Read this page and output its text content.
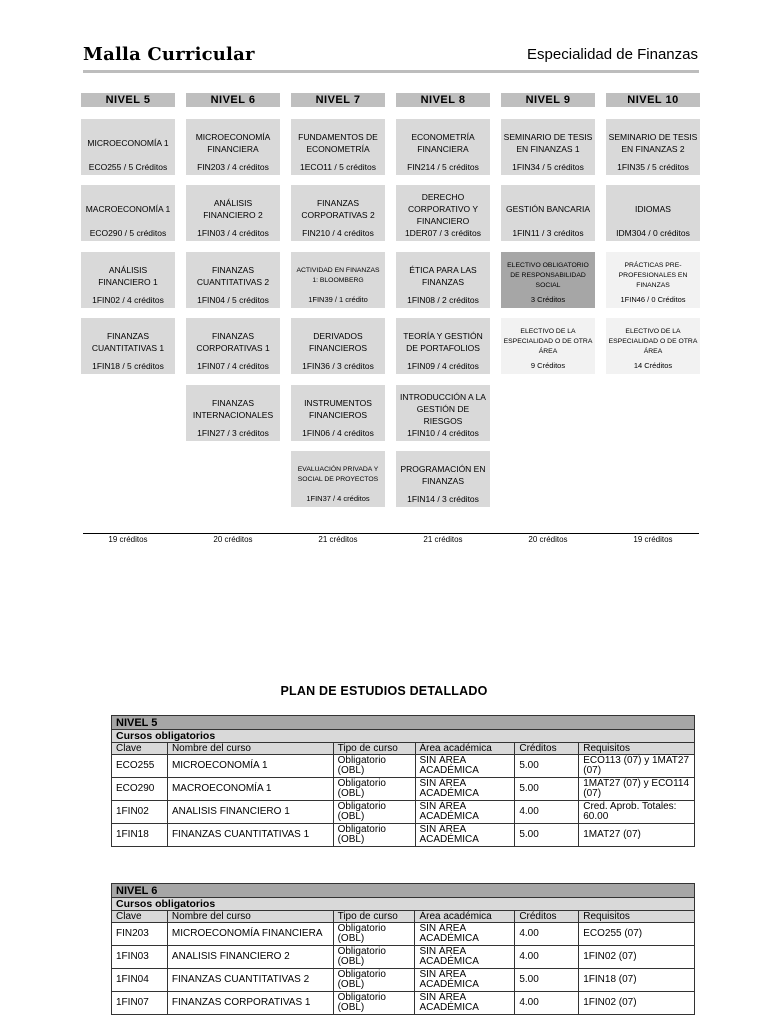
Malla Curricular	Especialidad de Finanzas
NIVEL 5
MICROECONOMÍA 1
ECO255 / 5 Créditos
MACROECONOMÍA 1
ECO290 / 5 créditos
ANÁLISIS FINANCIERO 1
1FIN02 / 4 créditos
FINANZAS CUANTITATIVAS 1
1FIN18 / 5 créditos
NIVEL 6
MICROECONOMÍA FINANCIERA
FIN203 / 4 créditos
ANÁLISIS FINANCIERO 2
1FIN03 / 4 créditos
FINANZAS CUANTITATIVAS 2
1FIN04 / 5 créditos
FINANZAS CORPORATIVAS 1
1FIN07 / 4 créditos
FINANZAS INTERNACIONALES
1FIN27 / 3 créditos
NIVEL 7
FUNDAMENTOS DE ECONOMETRÍA
1ECO11 / 5 créditos
FINANZAS CORPORATIVAS 2
FIN210 / 4 créditos
ACTIVIDAD EN FINANZAS 1: BLOOMBERG
1FIN39 / 1 crédito
DERIVADOS FINANCIEROS
1FIN36 / 3 créditos
INSTRUMENTOS FINANCIEROS
1FIN06 / 4 créditos
EVALUACIÓN PRIVADA Y SOCIAL DE PROYECTOS
1FIN37 / 4 créditos
NIVEL 8
ECONOMETRÍA FINANCIERA
FIN214 / 5 créditos
DERECHO CORPORATIVO Y FINANCIERO
1DER07 / 3 créditos
ÉTICA PARA LAS FINANZAS
1FIN08 / 2 créditos
TEORÍA Y GESTIÓN DE PORTAFOLIOS
1FIN09 / 4 créditos
INTRODUCCIÓN A LA GESTIÓN DE RIESGOS
1FIN10 / 4 créditos
PROGRAMACIÓN EN FINANZAS
1FIN14 / 3 créditos
NIVEL 9
SEMINARIO DE TESIS EN FINANZAS 1
1FIN34 / 5 créditos
GESTIÓN BANCARIA
1FIN11 / 3 créditos
ELECTIVO OBLIGATORIO DE RESPONSABILIDAD SOCIAL
3 Créditos
ELECTIVO DE LA ESPECIALIDAD O DE OTRA ÁREA
9 Créditos
NIVEL 10
SEMINARIO DE TESIS EN FINANZAS 2
1FIN35 / 5 créditos
IDIOMAS
IDM304 / 0 créditos
PRÁCTICAS PRE-PROFESIONALES EN FINANZAS
1FIN46 / 0 Créditos
ELECTIVO DE LA ESPECIALIDAD O DE OTRA ÁREA
14 Créditos
19 créditos	20 créditos	21 créditos	21 créditos	20 créditos	19 créditos
PLAN DE ESTUDIOS DETALLADO
NIVEL 5					
Cursos obligatorios					
Clave	Nombre del curso	Tipo de curso	Área académica	Créditos	Requisitos
ECO255	MICROECONOMÍA 1	Obligatorio (OBL)	SIN ÁREA ACADÉMICA	5.00	ECO113 (07) y 1MAT27 (07)
ECO290	MACROECONOMÍA 1	Obligatorio (OBL)	SIN ÁREA ACADÉMICA	5.00	1MAT27 (07) y ECO114 (07)
1FIN02	ANALISIS FINANCIERO 1	Obligatorio (OBL)	SIN ÁREA ACADÉMICA	4.00	Cred. Aprob. Totales: 60.00
1FIN18	FINANZAS CUANTITATIVAS 1	Obligatorio (OBL)	SIN ÁREA ACADÉMICA	5.00	1MAT27 (07)
NIVEL 6					
Cursos obligatorios					
Clave	Nombre del curso	Tipo de curso	Área académica	Créditos	Requisitos
FIN203	MICROECONOMÍA FINANCIERA	Obligatorio (OBL)	SIN ÁREA ACADÉMICA	4.00	ECO255 (07)
1FIN03	ANALISIS FINANCIERO 2	Obligatorio (OBL)	SIN ÁREA ACADÉMICA	4.00	1FIN02 (07)
1FIN04	FINANZAS CUANTITATIVAS 2	Obligatorio (OBL)	SIN ÁREA ACADÉMICA	5.00	1FIN18 (07)
1FIN07	FINANZAS CORPORATIVAS 1	Obligatorio (OBL)	SIN ÁREA ACADÉMICA	4.00	1FIN02 (07)
